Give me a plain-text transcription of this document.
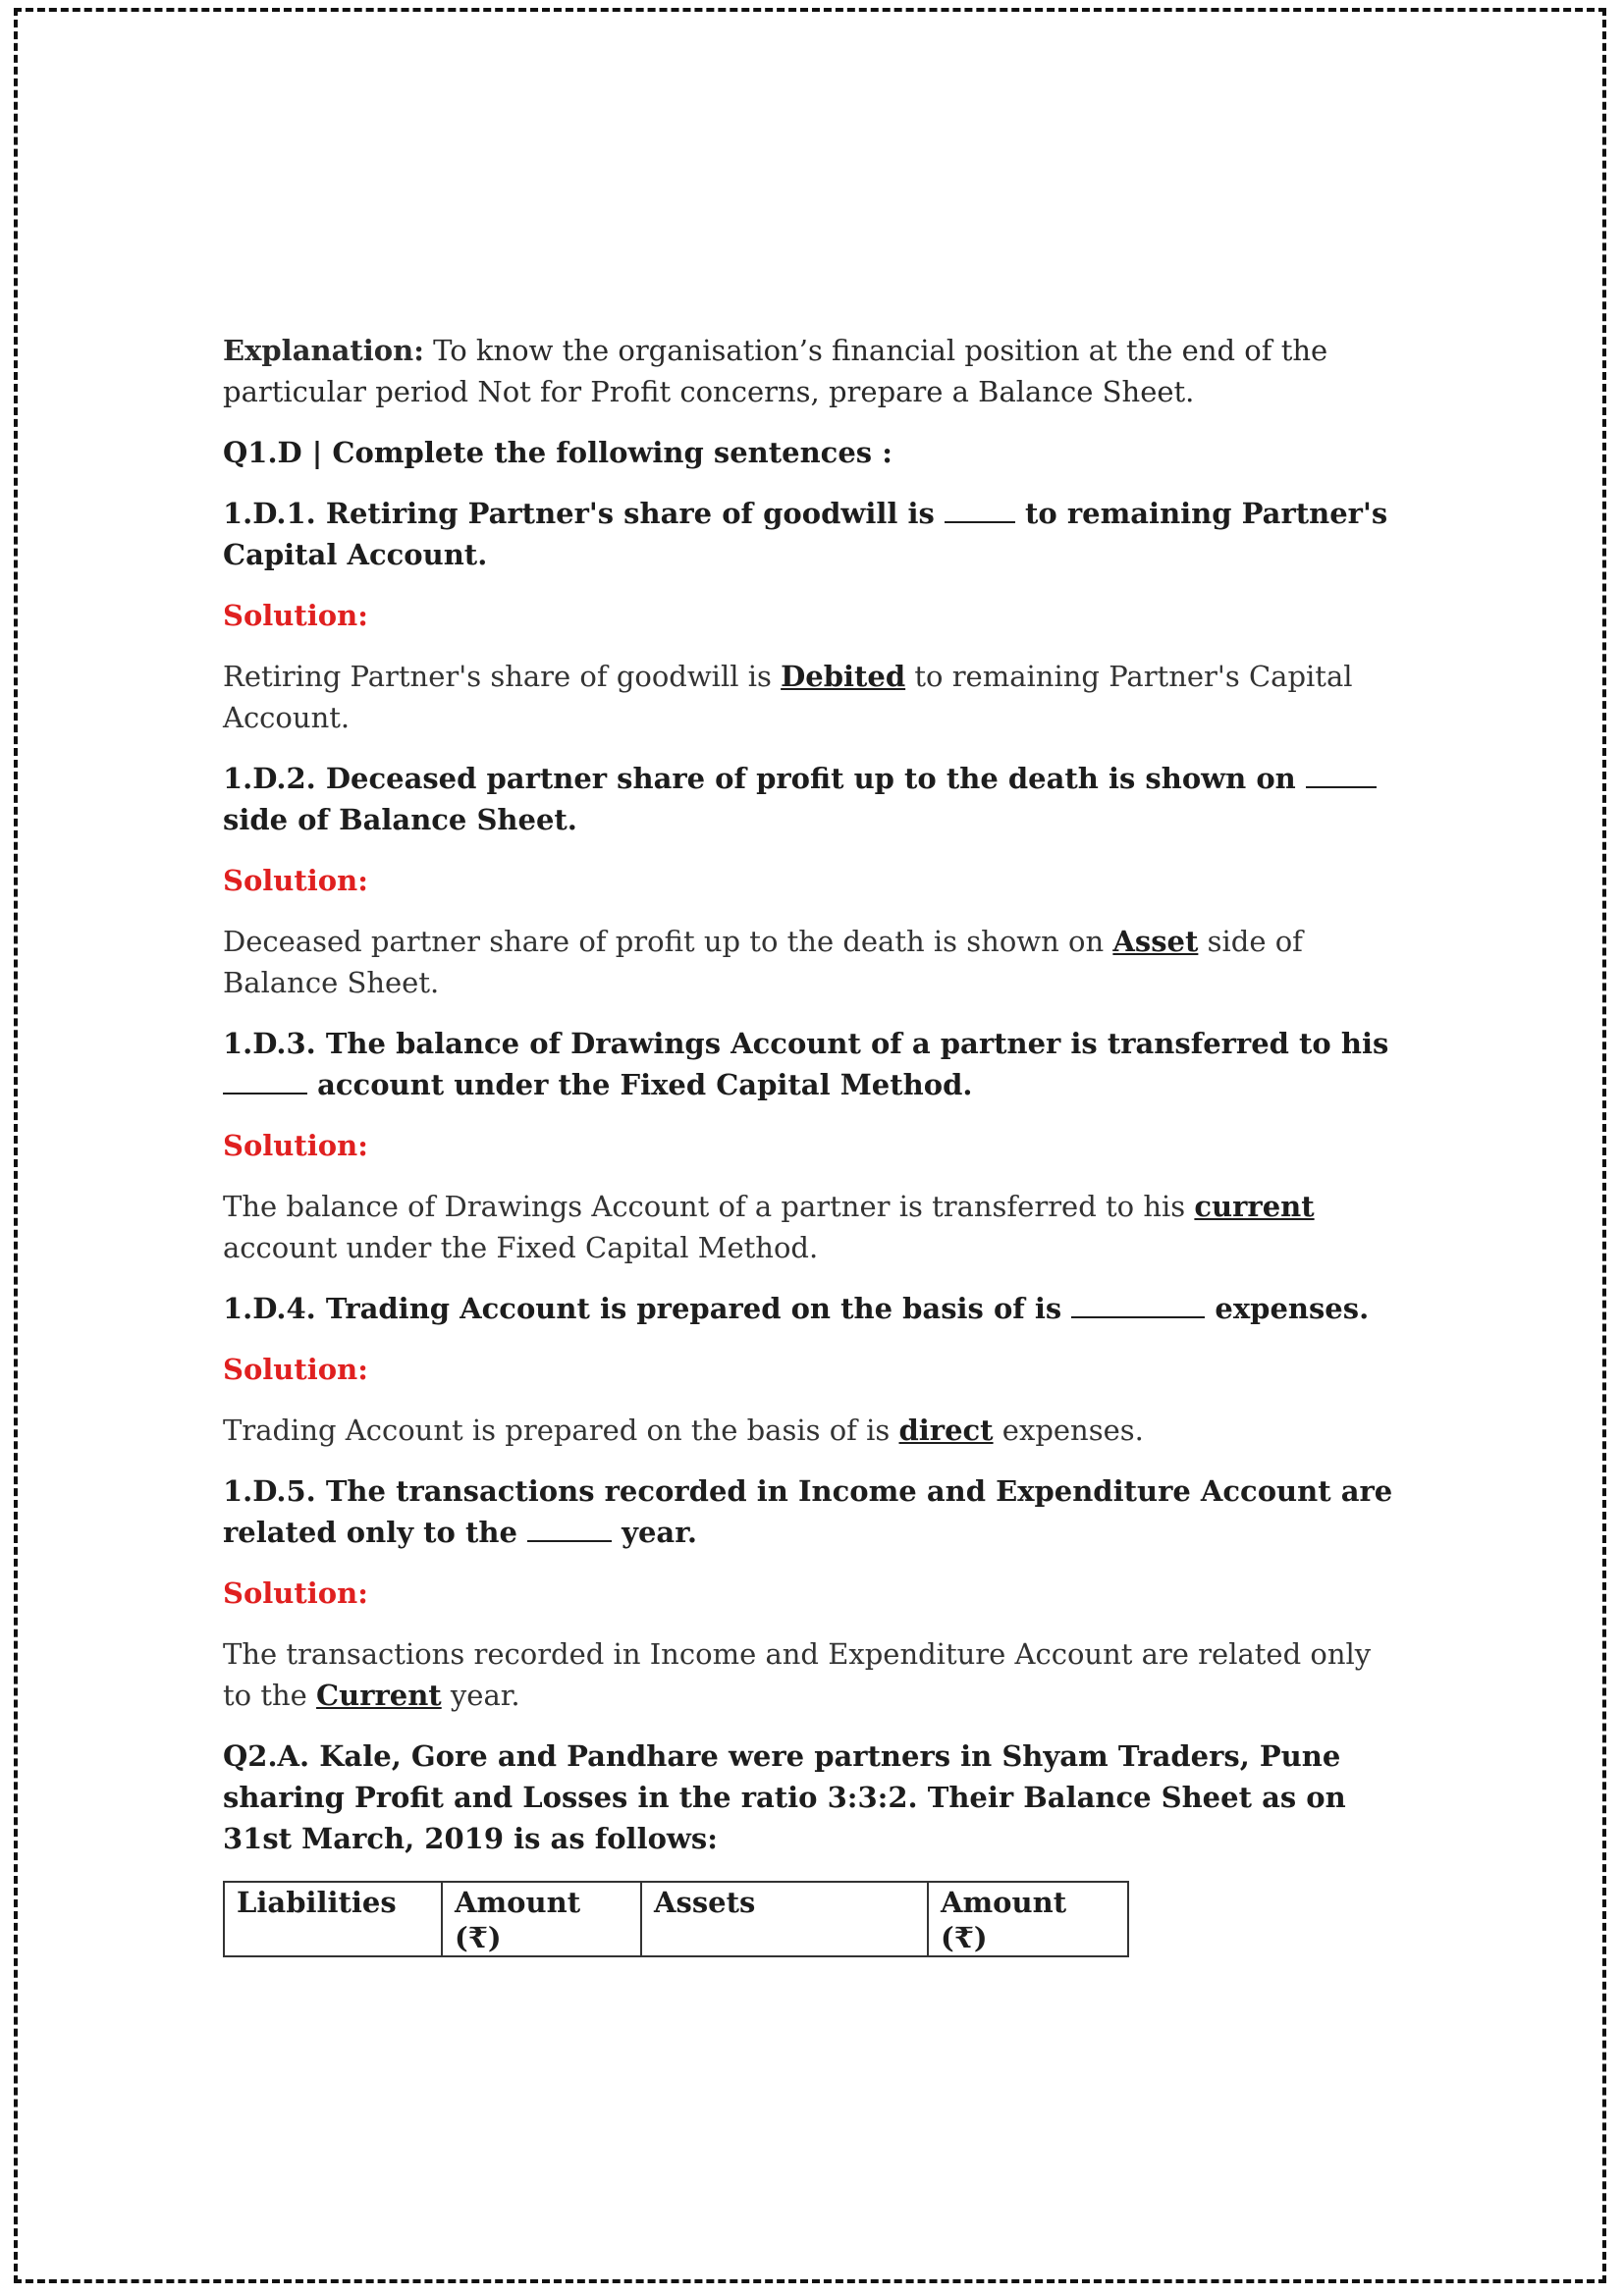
Explanation: To know the organisation’s financial position at the end of the particular period Not for Profit concerns, prepare a Balance Sheet.

Q1.D | Complete the following sentences :

1.D.1. Retiring Partner's share of goodwill is  to remaining Partner's Capital Account.

Solution:

Retiring Partner's share of goodwill is Debited to remaining Partner's Capital Account.

1.D.2. Deceased partner share of profit up to the death is shown on  side of Balance Sheet.

Solution:

Deceased partner share of profit up to the death is shown on Asset side of Balance Sheet.

1.D.3. The balance of Drawings Account of a partner is transferred to his  account under the Fixed Capital Method.

Solution:

The balance of Drawings Account of a partner is transferred to his current account under the Fixed Capital Method.

1.D.4. Trading Account is prepared on the basis of is	expenses.

Solution:

Trading Account is prepared on the basis of is direct expenses.

1.D.5. The transactions recorded in Income and Expenditure Account are related only to the	year.

Solution:

The transactions recorded in Income and Expenditure Account are related only to the Current year.

Q2.A. Kale, Gore and Pandhare were partners in Shyam Traders, Pune sharing Profit and Losses in the ratio 3:3:2. Their Balance Sheet as on 31st March, 2019 is as follows:

Liabilities	Amount (₹)	Assets	Amount (₹)
